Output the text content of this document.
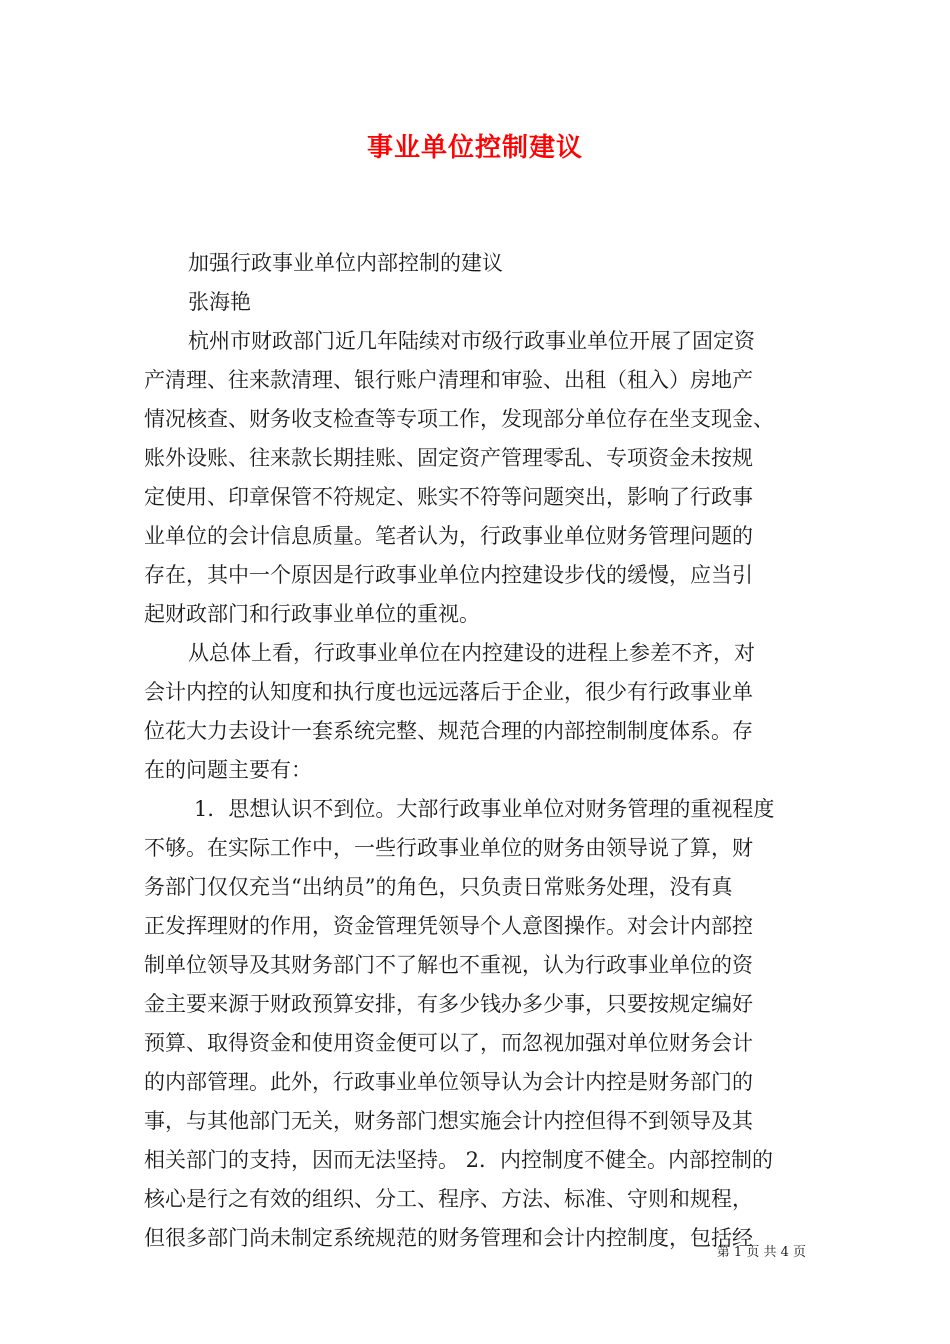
事业单位控制建议
加强行政事业单位内部控制的建议
张海艳
杭州市财政部门近几年陆续对市级行政事业单位开展了固定资
产清理、往来款清理、银行账户清理和审验、出租（租入）房地产
情况核查、财务收支检查等专项工作，发现部分单位存在坐支现金、
账外设账、往来款长期挂账、固定资产管理零乱、专项资金未按规
定使用、印章保管不符规定、账实不符等问题突出，影响了行政事
业单位的会计信息质量。笔者认为，行政事业单位财务管理问题的
存在，其中一个原因是行政事业单位内控建设步伐的缓慢，应当引
起财政部门和行政事业单位的重视。
从总体上看，行政事业单位在内控建设的进程上参差不齐，对
会计内控的认知度和执行度也远远落后于企业，很少有行政事业单
位花大力去设计一套系统完整、规范合理的内部控制制度体系。存
在的问题主要有：
1．思想认识不到位。大部行政事业单位对财务管理的重视程度
不够。在实际工作中，一些行政事业单位的财务由领导说了算，财
务部门仅仅充当“出纳员”的角色，只负责日常账务处理，没有真
正发挥理财的作用，资金管理凭领导个人意图操作。对会计内部控
制单位领导及其财务部门不了解也不重视，认为行政事业单位的资
金主要来源于财政预算安排，有多少钱办多少事，只要按规定编好
预算、取得资金和使用资金便可以了，而忽视加强对单位财务会计
的内部管理。此外，行政事业单位领导认为会计内控是财务部门的
事，与其他部门无关，财务部门想实施会计内控但得不到领导及其
相关部门的支持，因而无法坚持。 2．内控制度不健全。内部控制的
核心是行之有效的组织、分工、程序、方法、标准、守则和规程，
但很多部门尚未制定系统规范的财务管理和会计内控制度，包括经
第 1 页 共 4 页
